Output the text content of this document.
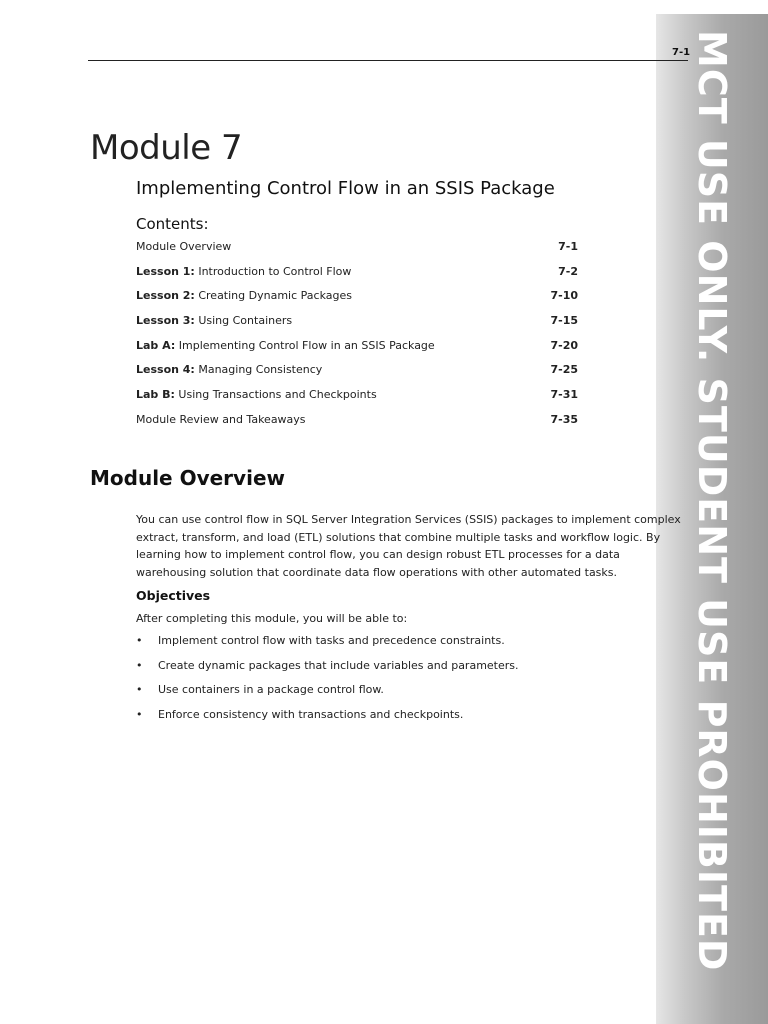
MCT USE ONLY. STUDENT USE PROHIBITED
7-1
Module 7
Implementing Control Flow in an SSIS Package
Contents:
Module Overview	7-1
Lesson 1: Introduction to Control Flow	7-2
Lesson 2: Creating Dynamic Packages	7-10
Lesson 3: Using Containers	7-15
Lab A: Implementing Control Flow in an SSIS Package	7-20
Lesson 4: Managing Consistency	7-25
Lab B: Using Transactions and Checkpoints	7-31
Module Review and Takeaways	7-35
Module Overview

You can use control flow in SQL Server Integration Services (SSIS) packages to implement complex extract, transform, and load (ETL) solutions that combine multiple tasks and workflow logic. By learning how to implement control flow, you can design robust ETL processes for a data warehousing solution that coordinate data flow operations with other automated tasks.

Objectives
After completing this module, you will be able to:
•	Implement control flow with tasks and precedence constraints.
•	Create dynamic packages that include variables and parameters.
•	Use containers in a package control flow.
•	Enforce consistency with transactions and checkpoints.
